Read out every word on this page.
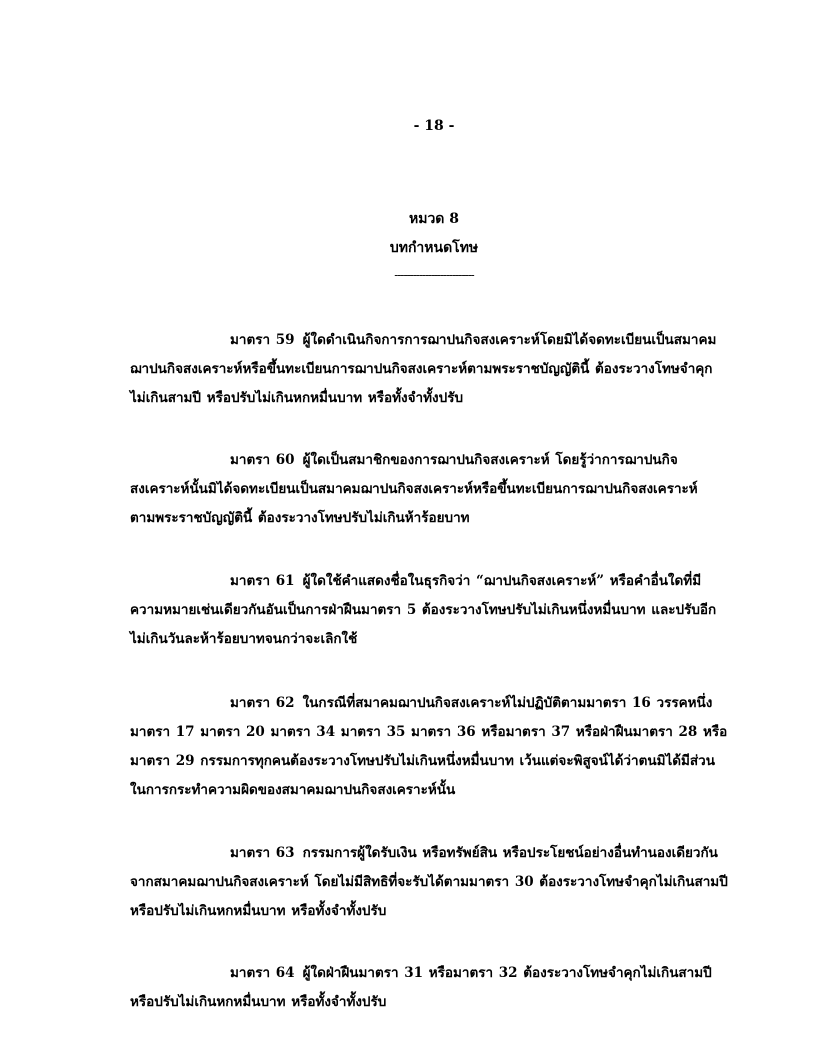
- 18 -
หมวด 8
บทกำหนดโทษ
--------------------------
มาตรา 59 ผู้ใดดำเนินกิจการการฌาปนกิจสงเคราะห์โดยมิได้จดทะเบียนเป็นสมาคมฌาปนกิจสงเคราะห์หรือขึ้นทะเบียนการฌาปนกิจสงเคราะห์ตามพระราชบัญญัตินี้ ต้องระวางโทษจำคุกไม่เกินสามปี หรือปรับไม่เกินหกหมื่นบาท หรือทั้งจำทั้งปรับ
มาตรา 60 ผู้ใดเป็นสมาชิกของการฌาปนกิจสงเคราะห์ โดยรู้ว่าการฌาปนกิจสงเคราะห์นั้นมิได้จดทะเบียนเป็นสมาคมฌาปนกิจสงเคราะห์หรือขึ้นทะเบียนการฌาปนกิจสงเคราะห์ตามพระราชบัญญัตินี้ ต้องระวางโทษปรับไม่เกินห้าร้อยบาท
มาตรา 61 ผู้ใดใช้คำแสดงชื่อในธุรกิจว่า “ฌาปนกิจสงเคราะห์” หรือคำอื่นใดที่มีความหมายเช่นเดียวกันอันเป็นการฝ่าฝืนมาตรา 5 ต้องระวางโทษปรับไม่เกินหนึ่งหมื่นบาท และปรับอีกไม่เกินวันละห้าร้อยบาทจนกว่าจะเลิกใช้
มาตรา 62 ในกรณีที่สมาคมฌาปนกิจสงเคราะห์ไม่ปฏิบัติตามมาตรา 16 วรรคหนึ่ง มาตรา 17 มาตรา 20 มาตรา 34 มาตรา 35 มาตรา 36 หรือมาตรา 37 หรือฝ่าฝืนมาตรา 28 หรือมาตรา 29 กรรมการทุกคนต้องระวางโทษปรับไม่เกินหนึ่งหมื่นบาท เว้นแต่จะพิสูจน์ได้ว่าตนมิได้มีส่วนในการกระทำความผิดของสมาคมฌาปนกิจสงเคราะห์นั้น
มาตรา 63 กรรมการผู้ใดรับเงิน หรือทรัพย์สิน หรือประโยชน์อย่างอื่นทำนองเดียวกันจากสมาคมฌาปนกิจสงเคราะห์ โดยไม่มีสิทธิที่จะรับได้ตามมาตรา 30 ต้องระวางโทษจำคุกไม่เกินสามปี หรือปรับไม่เกินหกหมื่นบาท หรือทั้งจำทั้งปรับ
มาตรา 64 ผู้ใดฝ่าฝืนมาตรา 31 หรือมาตรา 32 ต้องระวางโทษจำคุกไม่เกินสามปีหรือปรับไม่เกินหกหมื่นบาท หรือทั้งจำทั้งปรับ
